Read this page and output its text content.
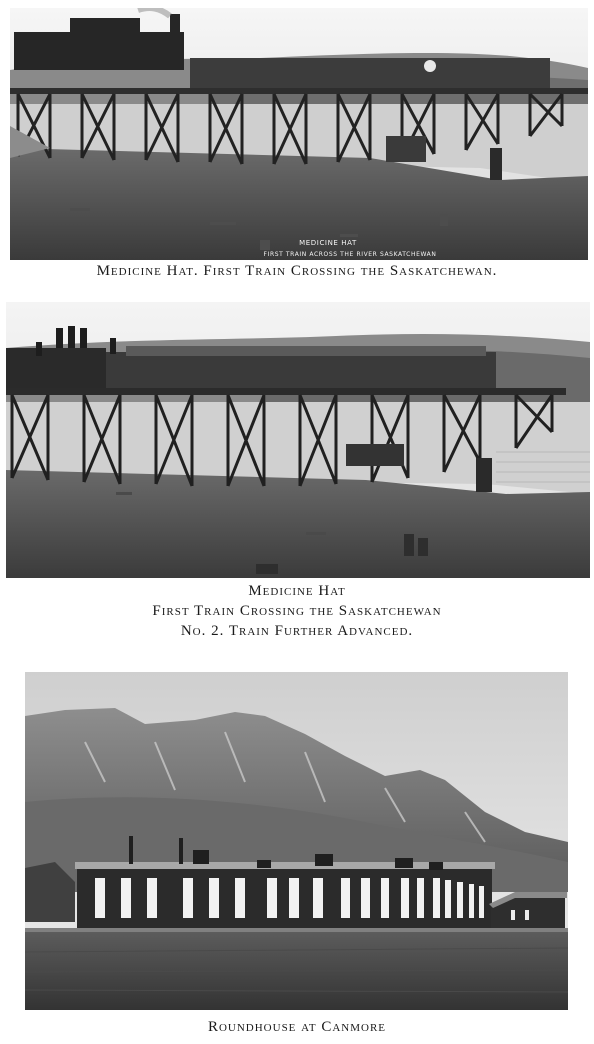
MEDICINE HAT
FIRST TRAIN ACROSS THE RIVER SASKATCHEWAN
Medicine Hat. First Train Crossing the Saskatchewan.
Medicine Hat
First Train Crossing the Saskatchewan
No. 2. Train Further Advanced.
Roundhouse at Canmore
